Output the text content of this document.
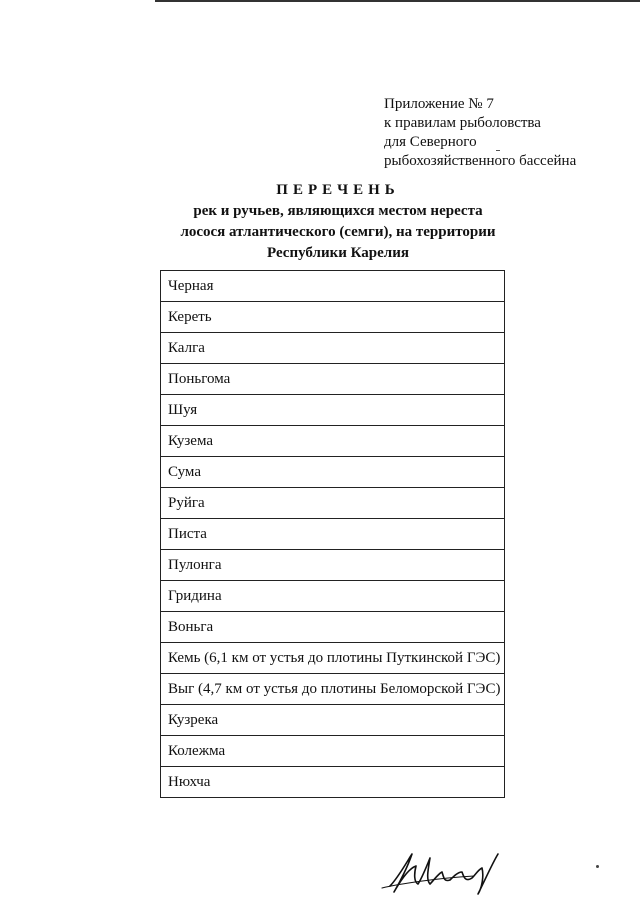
Приложение № 7
к правилам рыболовства
для Северного
рыбохозяйственного бассейна
ПЕРЕЧЕНЬ
рек и ручьев, являющихся местом нереста
лосося атлантического (семги), на территории
Республики Карелия
Черная
Кереть
Калга
Поньгома
Шуя
Кузема
Сума
Руйга
Писта
Пулонга
Гридина
Воньга
Кемь (6,1 км от устья до плотины Путкинской ГЭС)
Выг (4,7 км от устья до плотины Беломорской ГЭС)
Кузрека
Колежма
Нюхча
